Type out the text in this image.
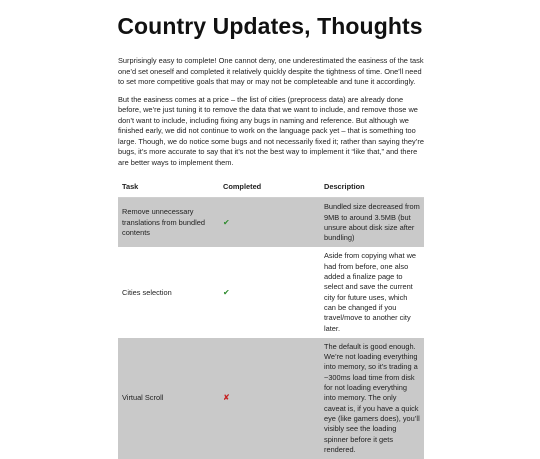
Country Updates, Thoughts

Surprisingly easy to complete! One cannot deny, one underestimated the easiness of the task one’d set oneself and completed it relatively quickly despite the tightness of time. One’ll need to set more competitive goals that may or may not be completeable and tune it accordingly.

But the easiness comes at a price – the list of cities (preprocess data) are already done before, we’re just tuning it to remove the data that we want to include, and remove those we don’t want to include, including fixing any bugs in naming and reference. But although we finished early, we did not continue to work on the language pack yet – that is something too large. Though, we do notice some bugs and not necessarily fixed it; rather than saying they’re bugs, it’s more accurate to say that it’s not the best way to implement it “like that,” and there are better ways to implement them.

Task	Completed	Description
Remove unnecessary translations from bundled contents	✔	Bundled size decreased from 9MB to around 3.5MB (but unsure about disk size after bundling)
Cities selection	✔	Aside from copying what we had from before, one also added a finalize page to select and save the current city for future uses, which can be changed if you travel/move to another city later.
Virtual Scroll	✘	The default is good enough. We’re not loading everything into memory, so it’s trading a ~300ms load time from disk for not loading everything into memory. The only caveat is, if you have a quick eye (like gamers does), you’ll visibly see the loading spinner before it gets rendered.
